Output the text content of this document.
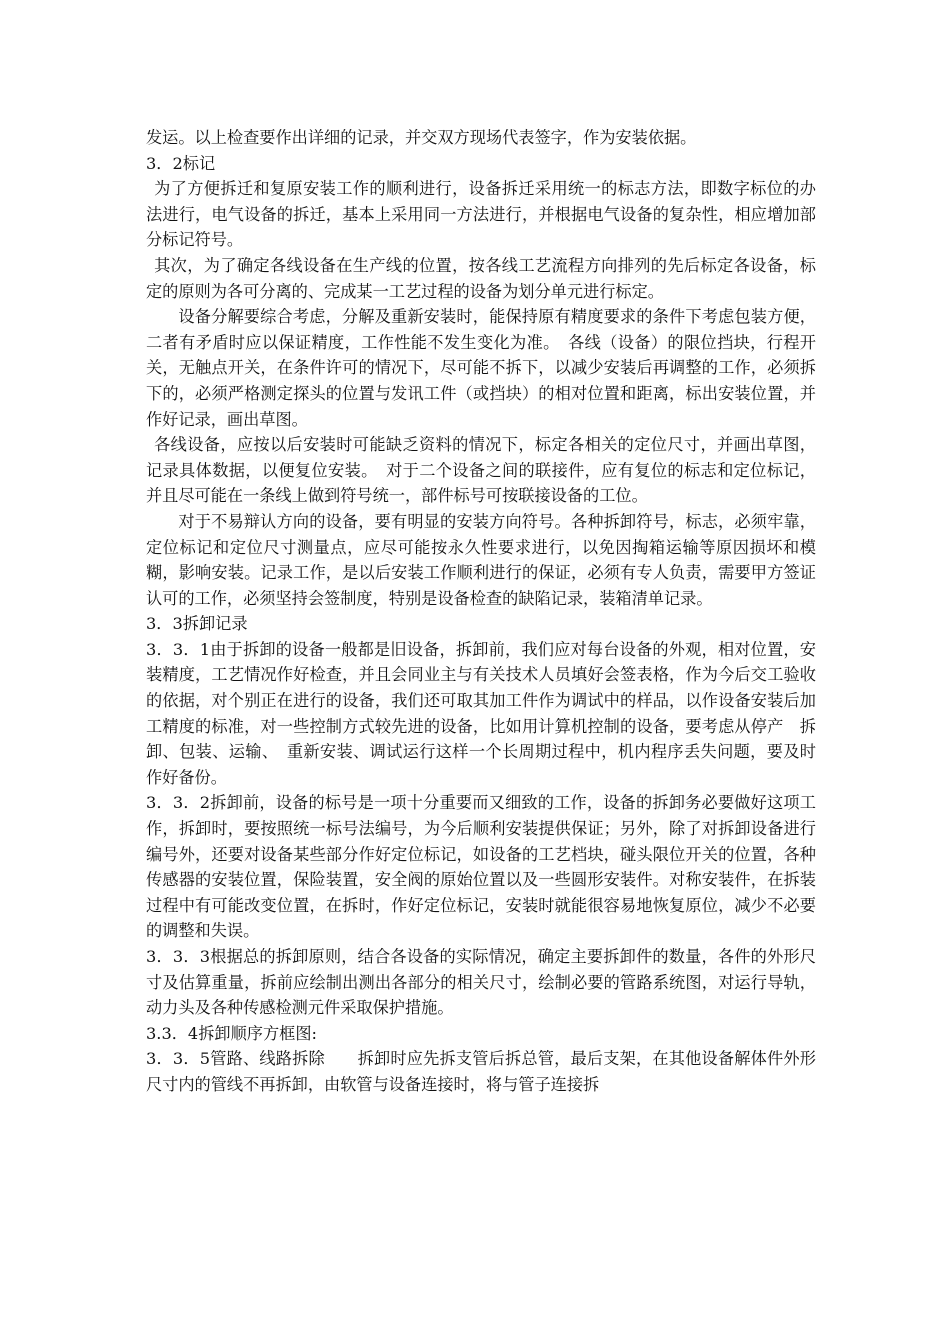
发运。以上检查要作出详细的记录，并交双方现场代表签字，作为安装依据。

3．2标记

为了方便拆迁和复原安装工作的顺利进行，设备拆迁采用统一的标志方法，即数字标位的办法进行，电气设备的拆迁，基本上采用同一方法进行，并根据电气设备的复杂性，相应增加部分标记符号。

其次，为了确定各线设备在生产线的位置，按各线工艺流程方向排列的先后标定各设备，标定的原则为各可分离的、完成某一工艺过程的设备为划分单元进行标定。

设备分解要综合考虑，分解及重新安装时，能保持原有精度要求的条件下考虑包装方便，二者有矛盾时应以保证精度，工作性能不发生变化为准。　各线（设备）的限位挡块，行程开关，无触点开关，在条件许可的情况下，尽可能不拆下，以减少安装后再调整的工作，必须拆下的，必须严格测定探头的位置与发讯工件（或挡块）的相对位置和距离，标出安装位置，并作好记录，画出草图。

各线设备，应按以后安装时可能缺乏资料的情况下，标定各相关的定位尺寸，并画出草图，记录具体数据，以便复位安装。　对于二个设备之间的联接件，应有复位的标志和定位标记，并且尽可能在一条线上做到符号统一，部件标号可按联接设备的工位。

对于不易辩认方向的设备，要有明显的安装方向符号。各种拆卸符号，标志，必须牢靠，定位标记和定位尺寸测量点，应尽可能按永久性要求进行，以免因掏箱运输等原因损坏和模糊，影响安装。记录工作，是以后安装工作顺利进行的保证，必须有专人负责，需要甲方签证认可的工作，必须坚持会签制度，特别是设备检查的缺陷记录，装箱清单记录。

3．3拆卸记录

3．3．1由于拆卸的设备一般都是旧设备，拆卸前，我们应对每台设备的外观，相对位置，安装精度，工艺情况作好检查，并且会同业主与有关技术人员填好会签表格，作为今后交工验收的依据，对个别正在进行的设备，我们还可取其加工件作为调试中的样品，以作设备安装后加工精度的标准，对一些控制方式较先进的设备，比如用计算机控制的设备，要考虑从停产　拆卸、包装、运输、　重新安装、调试运行这样一个长周期过程中，机内程序丢失问题，要及时作好备份。

3．3．2拆卸前，设备的标号是一项十分重要而又细致的工作，设备的拆卸务必要做好这项工作，拆卸时，要按照统一标号法编号，为今后顺利安装提供保证；另外，除了对拆卸设备进行编号外，还要对设备某些部分作好定位标记，如设备的工艺档块，碰头限位开关的位置，各种传感器的安装位置，保险装置，安全阀的原始位置以及一些圆形安装件。对称安装件，在拆装过程中有可能改变位置，在拆时，作好定位标记，安装时就能很容易地恢复原位，减少不必要的调整和失误。

3．3．3根据总的拆卸原则，结合各设备的实际情况，确定主要拆卸件的数量，各件的外形尺寸及估算重量，拆前应绘制出测出各部分的相关尺寸，绘制必要的管路系统图，对运行导轨，动力头及各种传感检测元件采取保护措施。

3.3．4拆卸顺序方框图:

3．3．5管路、线路拆除　　拆卸时应先拆支管后拆总管，最后支架，在其他设备解体件外形尺寸内的管线不再拆卸，由软管与设备连接时，将与管子连接拆
